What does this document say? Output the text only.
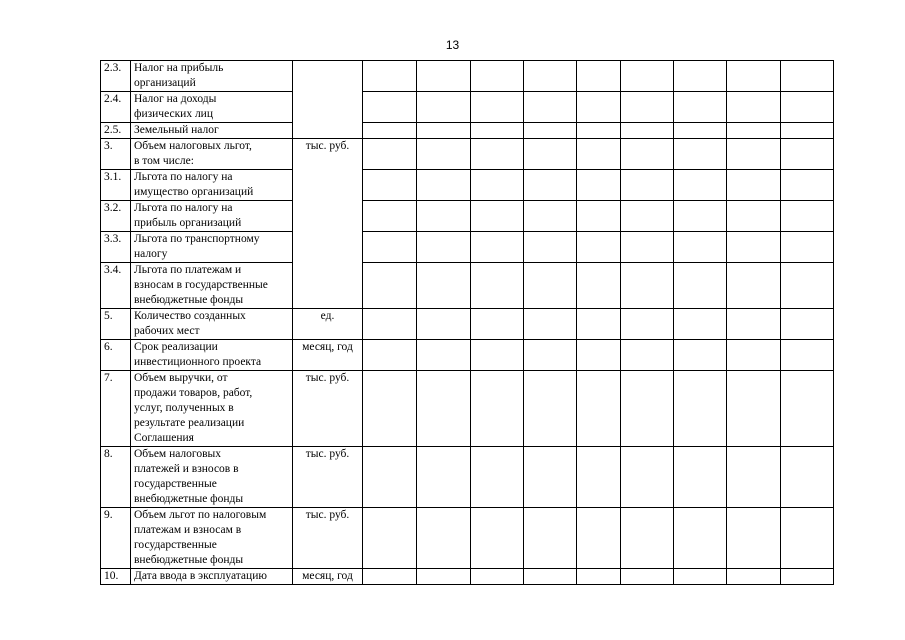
13
2.3.	Налог на прибыль
организаций										

2.4.	Налог на доходы
физических лиц										

2.5.	Земельный налог										

3.	Объем налоговых льгот,
в том числе:	тыс. руб.									
3.1.	Льгота по налогу на
имущество организаций										

3.2.	Льгота по налогу на
прибыль организаций										

3.3.	Льгота по транспортному
налогу										

3.4.	Льгота по платежам и
взносам в государственные
внебюджетные фонды										

5.	Количество созданных
рабочих мест	ед.									
6.	Срок реализации
инвестиционного проекта	месяц, год									
7.	Объем выручки, от
продажи товаров, работ,
услуг, полученных в
результате реализации
Соглашения	тыс. руб.									
8.	Объем налоговых
платежей и взносов в
государственные
внебюджетные фонды	тыс. руб.									
9.	Объем льгот по налоговым
платежам и взносам в
государственные
внебюджетные фонды	тыс. руб.									
10.	Дата ввода в эксплуатацию	месяц, год									
